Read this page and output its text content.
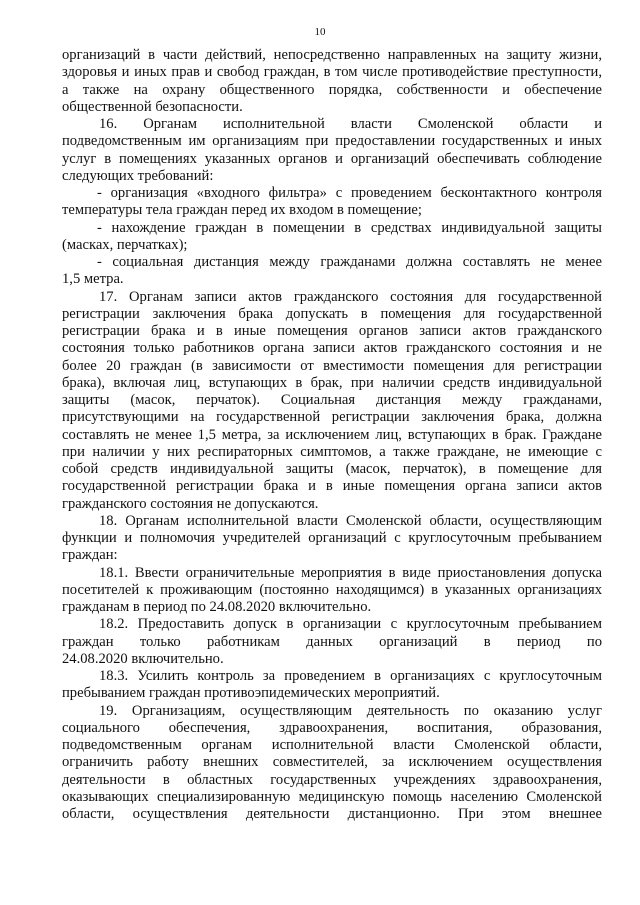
10

организаций в части действий, непосредственно направленных на защиту жизни,

здоровья и иных прав и свобод граждан, в том числе противодействие преступности,

а также на охрану общественного порядка, собственности и обеспечение

общественной безопасности.

16. Органам исполнительной власти Смоленской области и

подведомственным им организациям при предоставлении государственных и иных

услуг в помещениях указанных органов и организаций обеспечивать соблюдение

следующих требований:

- организация «входного фильтра» с проведением бесконтактного контроля

температуры тела граждан перед их входом в помещение;

- нахождение граждан в помещении в средствах индивидуальной защиты

(масках, перчатках);

- социальная дистанция между гражданами должна составлять не менее

1,5 метра.

17. Органам записи актов гражданского состояния для государственной

регистрации заключения брака допускать в помещения для государственной

регистрации брака и в иные помещения органов записи актов гражданского

состояния только работников органа записи актов гражданского состояния и не

более 20 граждан (в зависимости от вместимости помещения для регистрации

брака), включая лиц, вступающих в брак, при наличии средств индивидуальной

защиты (масок, перчаток). Социальная дистанция между гражданами,

присутствующими на государственной регистрации заключения брака, должна

составлять не менее 1,5 метра, за исключением лиц, вступающих в брак. Граждане

при наличии у них респираторных симптомов, а также граждане, не имеющие с

собой средств индивидуальной защиты (масок, перчаток), в помещение для

государственной регистрации брака и в иные помещения органа записи актов

гражданского состояния не допускаются.

18. Органам исполнительной власти Смоленской области, осуществляющим

функции и полномочия учредителей организаций с круглосуточным пребыванием

граждан:

18.1. Ввести ограничительные мероприятия в виде приостановления допуска

посетителей к проживающим (постоянно находящимся) в указанных организациях

гражданам в период по 24.08.2020 включительно.

18.2. Предоставить допуск в организации с круглосуточным пребыванием

граждан только работникам данных организаций в период по

24.08.2020 включительно.

18.3. Усилить контроль за проведением в организациях с круглосуточным

пребыванием граждан противоэпидемических мероприятий.

19. Организациям, осуществляющим деятельность по оказанию услуг

социального обеспечения, здравоохранения, воспитания, образования,

подведомственным органам исполнительной власти Смоленской области,

ограничить работу внешних совместителей, за исключением осуществления

деятельности в областных государственных учреждениях здравоохранения,

оказывающих специализированную медицинскую помощь населению Смоленской

области, осуществления деятельности дистанционно. При этом внешнее
